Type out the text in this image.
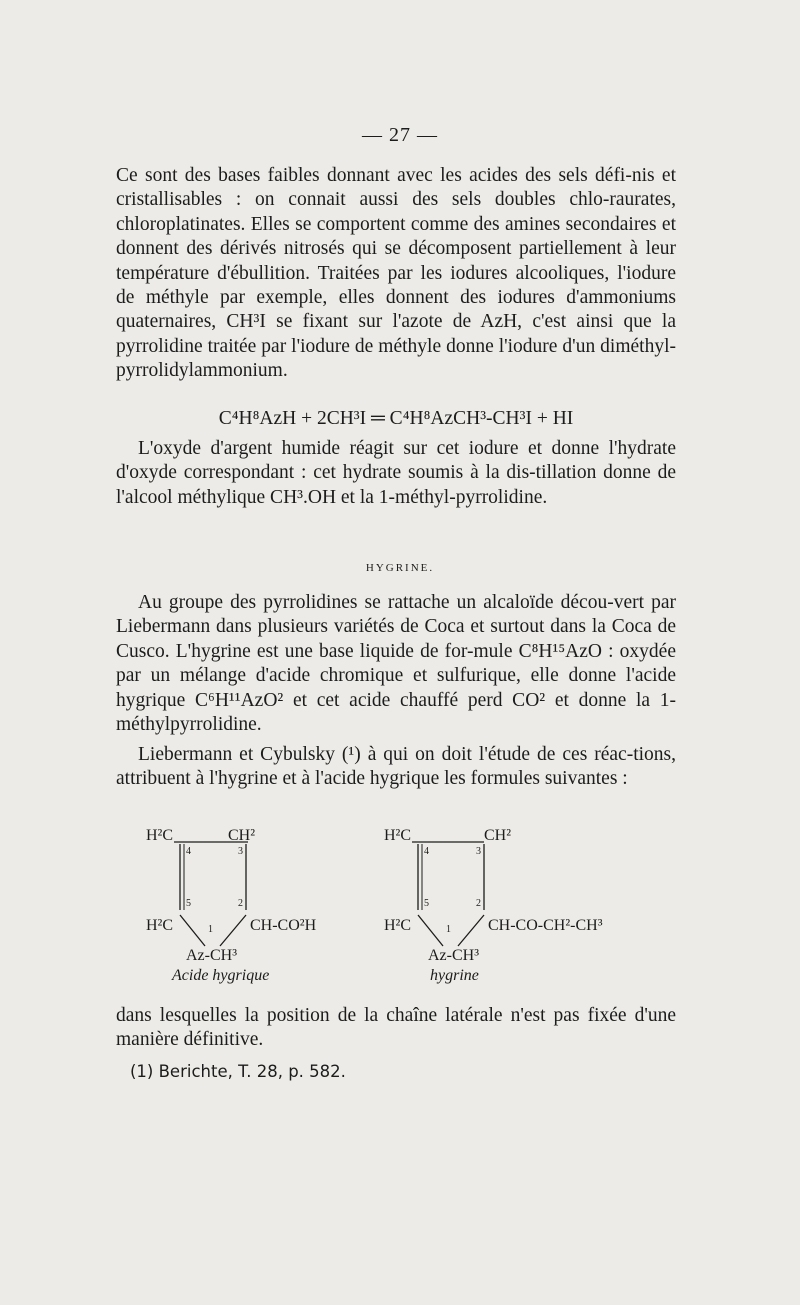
— 27 —

Ce sont des bases faibles donnant avec les acides des sels défi-nis et cristallisables : on connait aussi des sels doubles chlo-raurates, chloroplatinates. Elles se comportent comme des amines secondaires et donnent des dérivés nitrosés qui se décomposent partiellement à leur température d'ébullition. Traitées par les iodures alcooliques, l'iodure de méthyle par exemple, elles donnent des iodures d'ammoniums quaternaires, CH³I se fixant sur l'azote de AzH, c'est ainsi que la pyrrolidine traitée par l'iodure de méthyle donne l'iodure d'un diméthyl-pyrrolidylammonium.

C⁴H⁸AzH + 2CH³I ═ C⁴H⁸AzCH³-CH³I + HI

L'oxyde d'argent humide réagit sur cet iodure et donne l'hydrate d'oxyde correspondant : cet hydrate soumis à la dis-tillation donne de l'alcool méthylique CH³.OH et la 1-méthyl-pyrrolidine.

HYGRINE.

Au groupe des pyrrolidines se rattache un alcaloïde décou-vert par Liebermann dans plusieurs variétés de Coca et surtout dans la Coca de Cusco. L'hygrine est une base liquide de for-mule C⁸H¹⁵AzO : oxydée par un mélange d'acide chromique et sulfurique, elle donne l'acide hygrique C⁶H¹¹AzO² et cet acide chauffé perd CO² et donne la 1-méthylpyrrolidine.

Liebermann et Cybulsky (¹) à qui on doit l'étude de ces réac-tions, attribuent à l'hygrine et à l'acide hygrique les formules suivantes :

H²C	CH²
4	3
5	2
H²C	CH-CO²H
1
Az-CH³
Acide hygrique
H²C	CH²
4	3
5	2
H²C	CH-CO-CH²-CH³
1
Az-CH³
hygrine

dans lesquelles la position de la chaîne latérale n'est pas fixée d'une manière définitive.

(1) Berichte, T. 28, p. 582.
